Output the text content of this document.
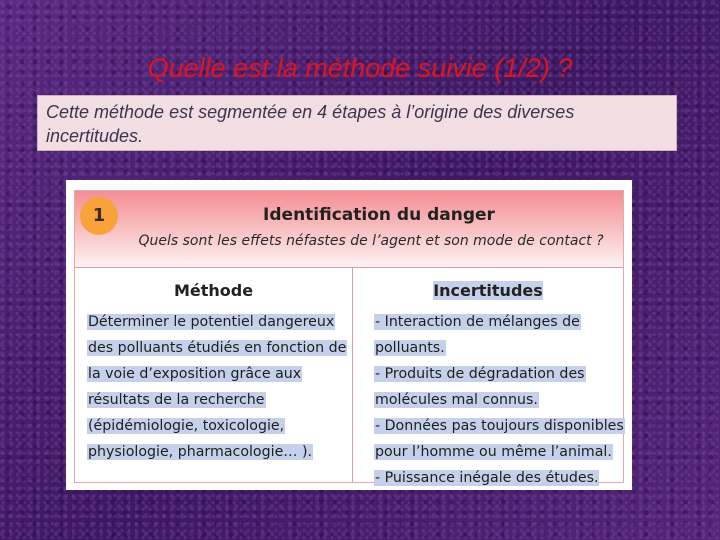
Quelle est la méthode suivie (1/2) ?
Cette méthode est segmentée en 4 étapes à l’origine des diverses incertitudes.
1	Identification du danger
Quels sont les effets néfastes de l’agent et son mode de contact ?
Méthode
Déterminer le potentiel dangereux
des polluants étudiés en fonction de
la voie d’exposition grâce aux
résultats de la recherche
(épidémiologie, toxicologie,
physiologie, pharmacologie… ).
Incertitudes
- Interaction de mélanges de
polluants.
- Produits de dégradation des
molécules mal connus.
- Données pas toujours disponibles
pour l’homme ou même l’animal.
- Puissance inégale des études.
